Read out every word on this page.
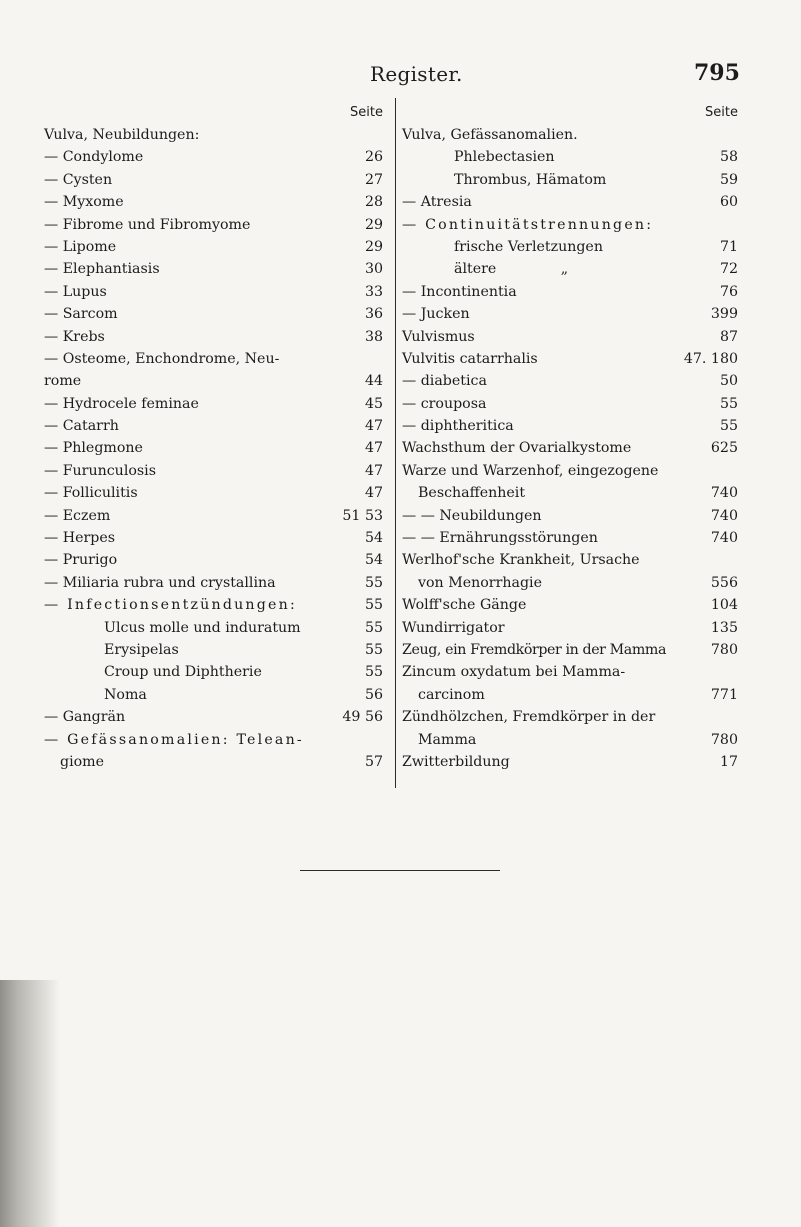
Register.	795
Seite
Vulva, Neubildungen:
— Condylome	26
— Cysten	27
— Myxome	28
— Fibrome und Fibromyome	29
— Lipome	29
— Elephantiasis	30
— Lupus	33
— Sarcom	36
— Krebs	38
— Osteome, Enchondrome, Neu-
rome	44
— Hydrocele feminae	45
— Catarrh	47
— Phlegmone	47
— Furunculosis	47
— Folliculitis	47
— Eczem	51 53
— Herpes	54
— Prurigo	54
— Miliaria rubra und crystallina	55
— Infectionsentzündungen:	55
Ulcus molle und induratum	55
Erysipelas	55
Croup und Diphtherie	55
Noma	56
— Gangrän	49 56
— Gefässanomalien: Telean-
giome	57
Seite
Vulva, Gefässanomalien.
Phlebectasien	58
Thrombus, Hämatom	59
— Atresia	60
— Continuitätstrennungen:
frische Verletzungen	71
ältere „	72
— Incontinentia	76
— Jucken	399
Vulvismus	87
Vulvitis catarrhalis	47. 180
— diabetica	50
— crouposa	55
— diphtheritica	55
Wachsthum der Ovarialkystome	625
Warze und Warzenhof, eingezogene
Beschaffenheit	740
— — Neubildungen	740
— — Ernährungsstörungen	740
Werlhof'sche Krankheit, Ursache
von Menorrhagie	556
Wolff'sche Gänge	104
Wundirrigator	135
Zeug, ein Fremdkörper in der Mamma	780
Zincum oxydatum bei Mamma-
carcinom	771
Zündhölzchen, Fremdkörper in der
Mamma	780
Zwitterbildung	17
